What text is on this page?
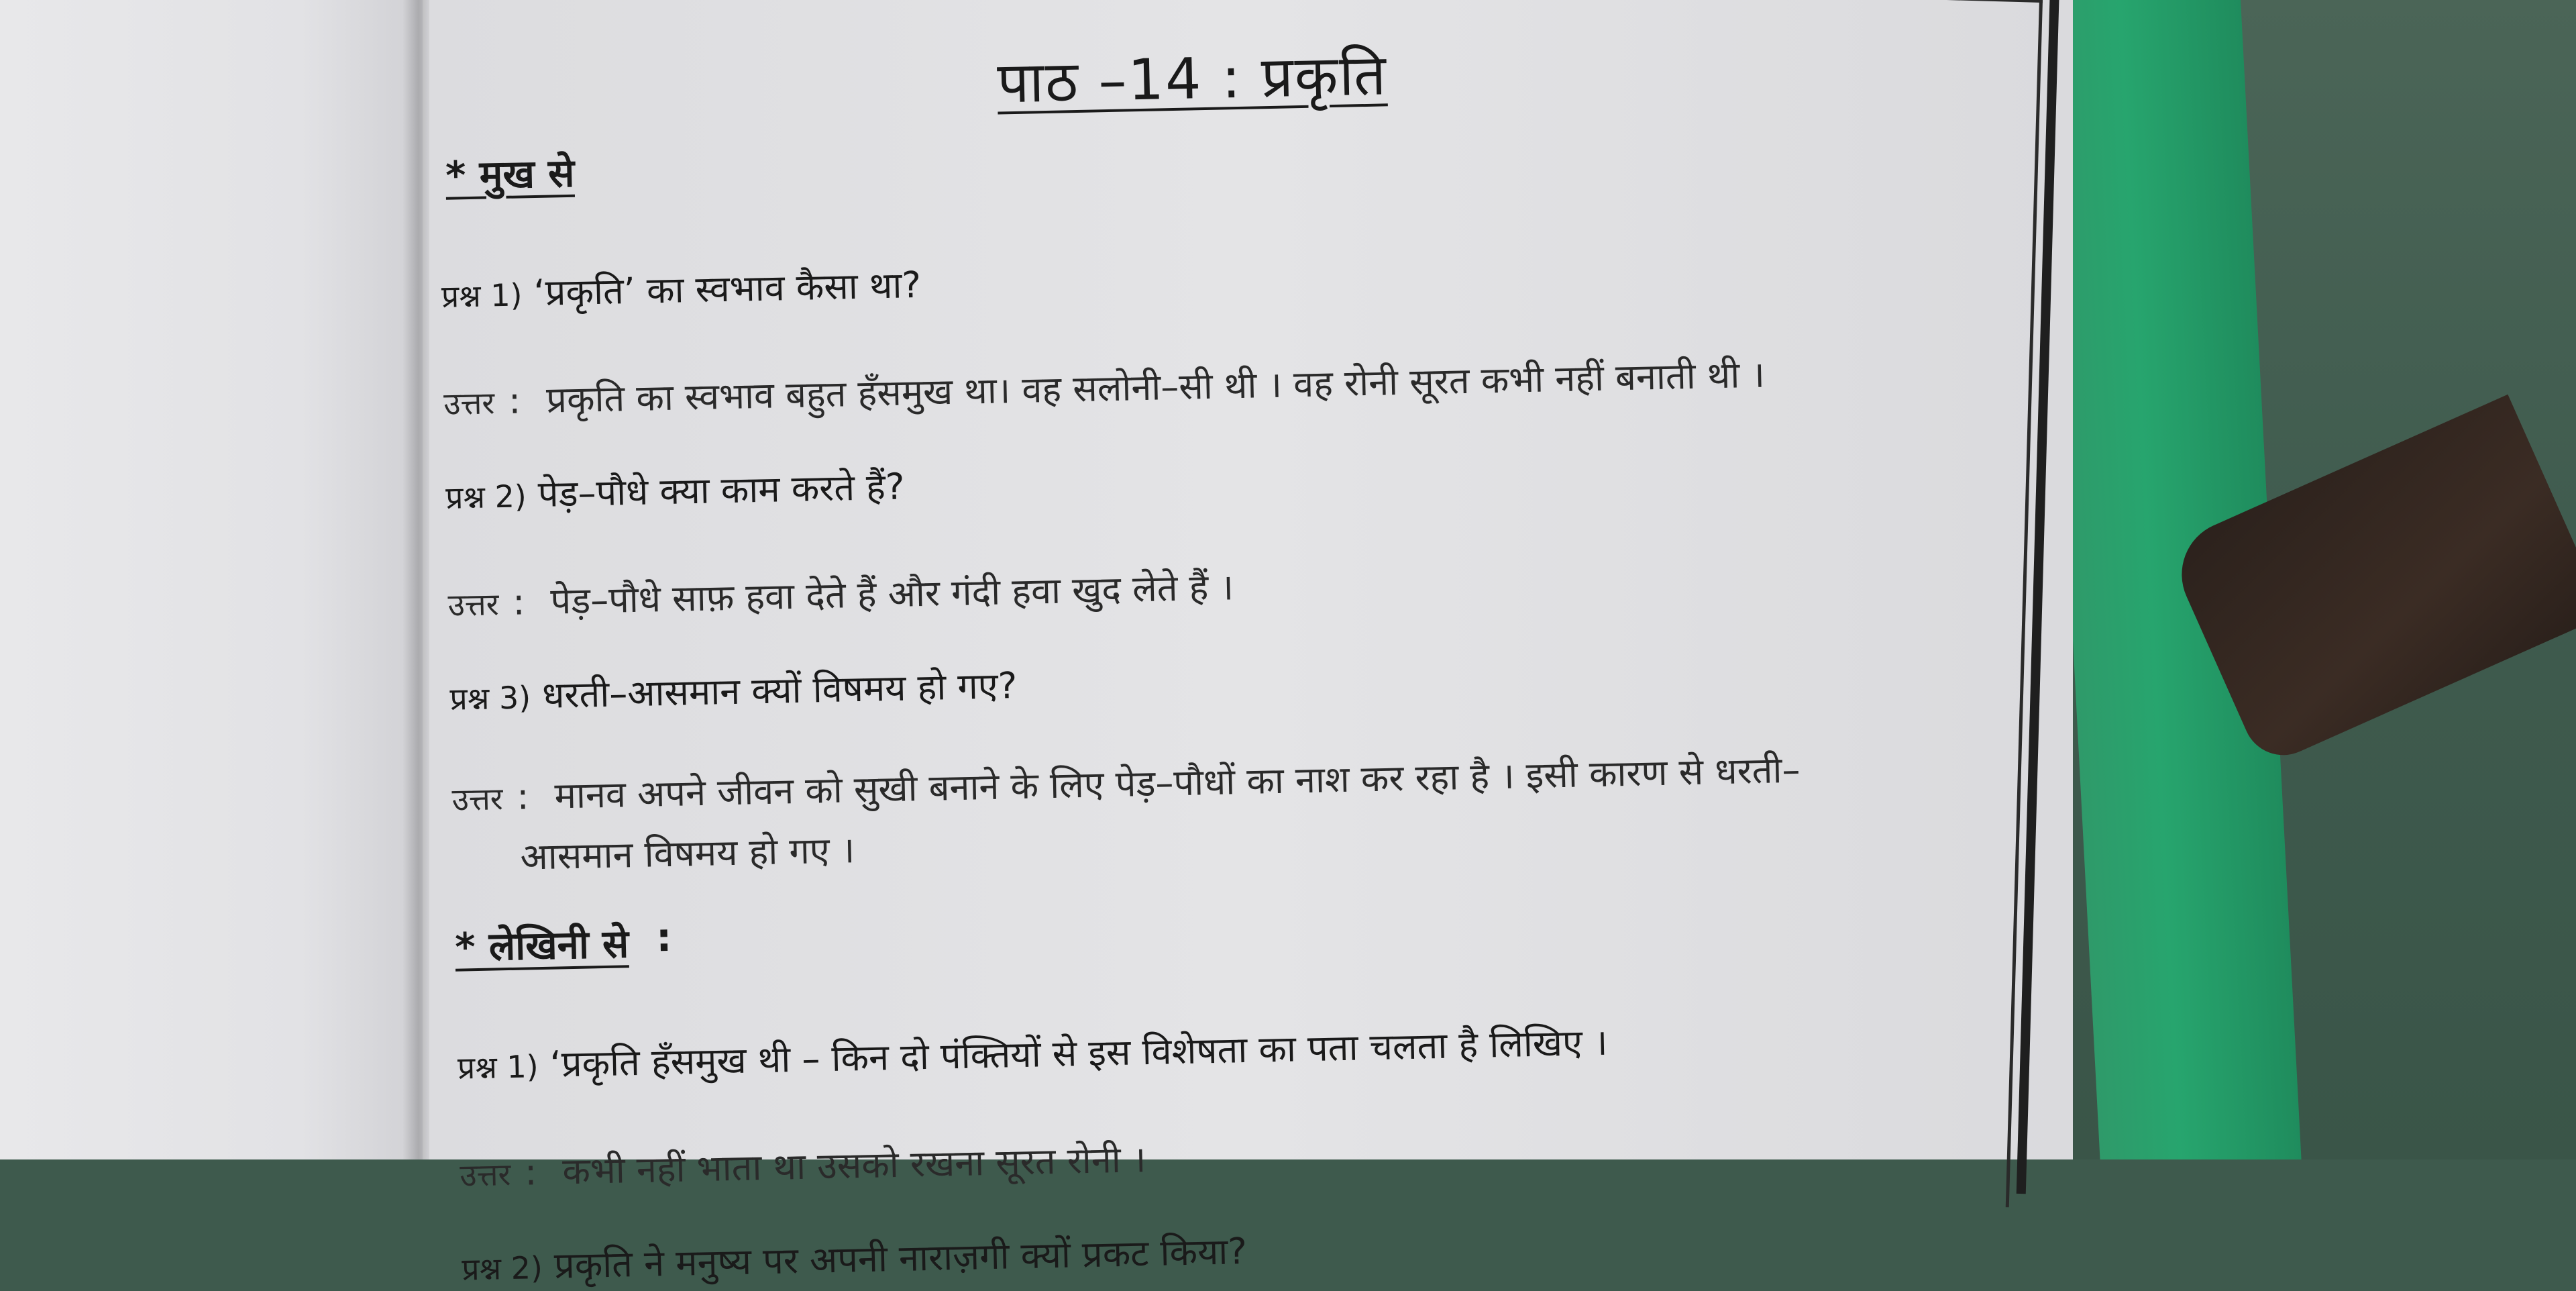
पाठ –14 : प्रकृति
* मुख से
प्रश्न 1) ‘प्रकृति’ का स्वभाव कैसा था?
उत्तर : प्रकृति का स्वभाव बहुत हँसमुख था। वह सलोनी–सी थी । वह रोनी सूरत कभी नहीं बनाती थी ।
प्रश्न 2) पेड़–पौधे क्या काम करते हैं?
उत्तर : पेड़–पौधे साफ़ हवा देते हैं और गंदी हवा खुद लेते हैं ।
प्रश्न 3) धरती–आसमान क्यों विषमय हो गए?
उत्तर : मानव अपने जीवन को सुखी बनाने के लिए पेड़–पौधों का नाश कर रहा है । इसी कारण से धरती–
आसमान विषमय हो गए ।
* लेखिनी से :
प्रश्न 1) ‘प्रकृति हँसमुख थी – किन दो पंक्तियों से इस विशेषता का पता चलता है लिखिए ।
उत्तर : कभी नहीं भाता था उसको रखना सूरत रोनी ।
प्रश्न 2) प्रकृति ने मनुष्य पर अपनी नाराज़गी क्यों प्रकट किया?
